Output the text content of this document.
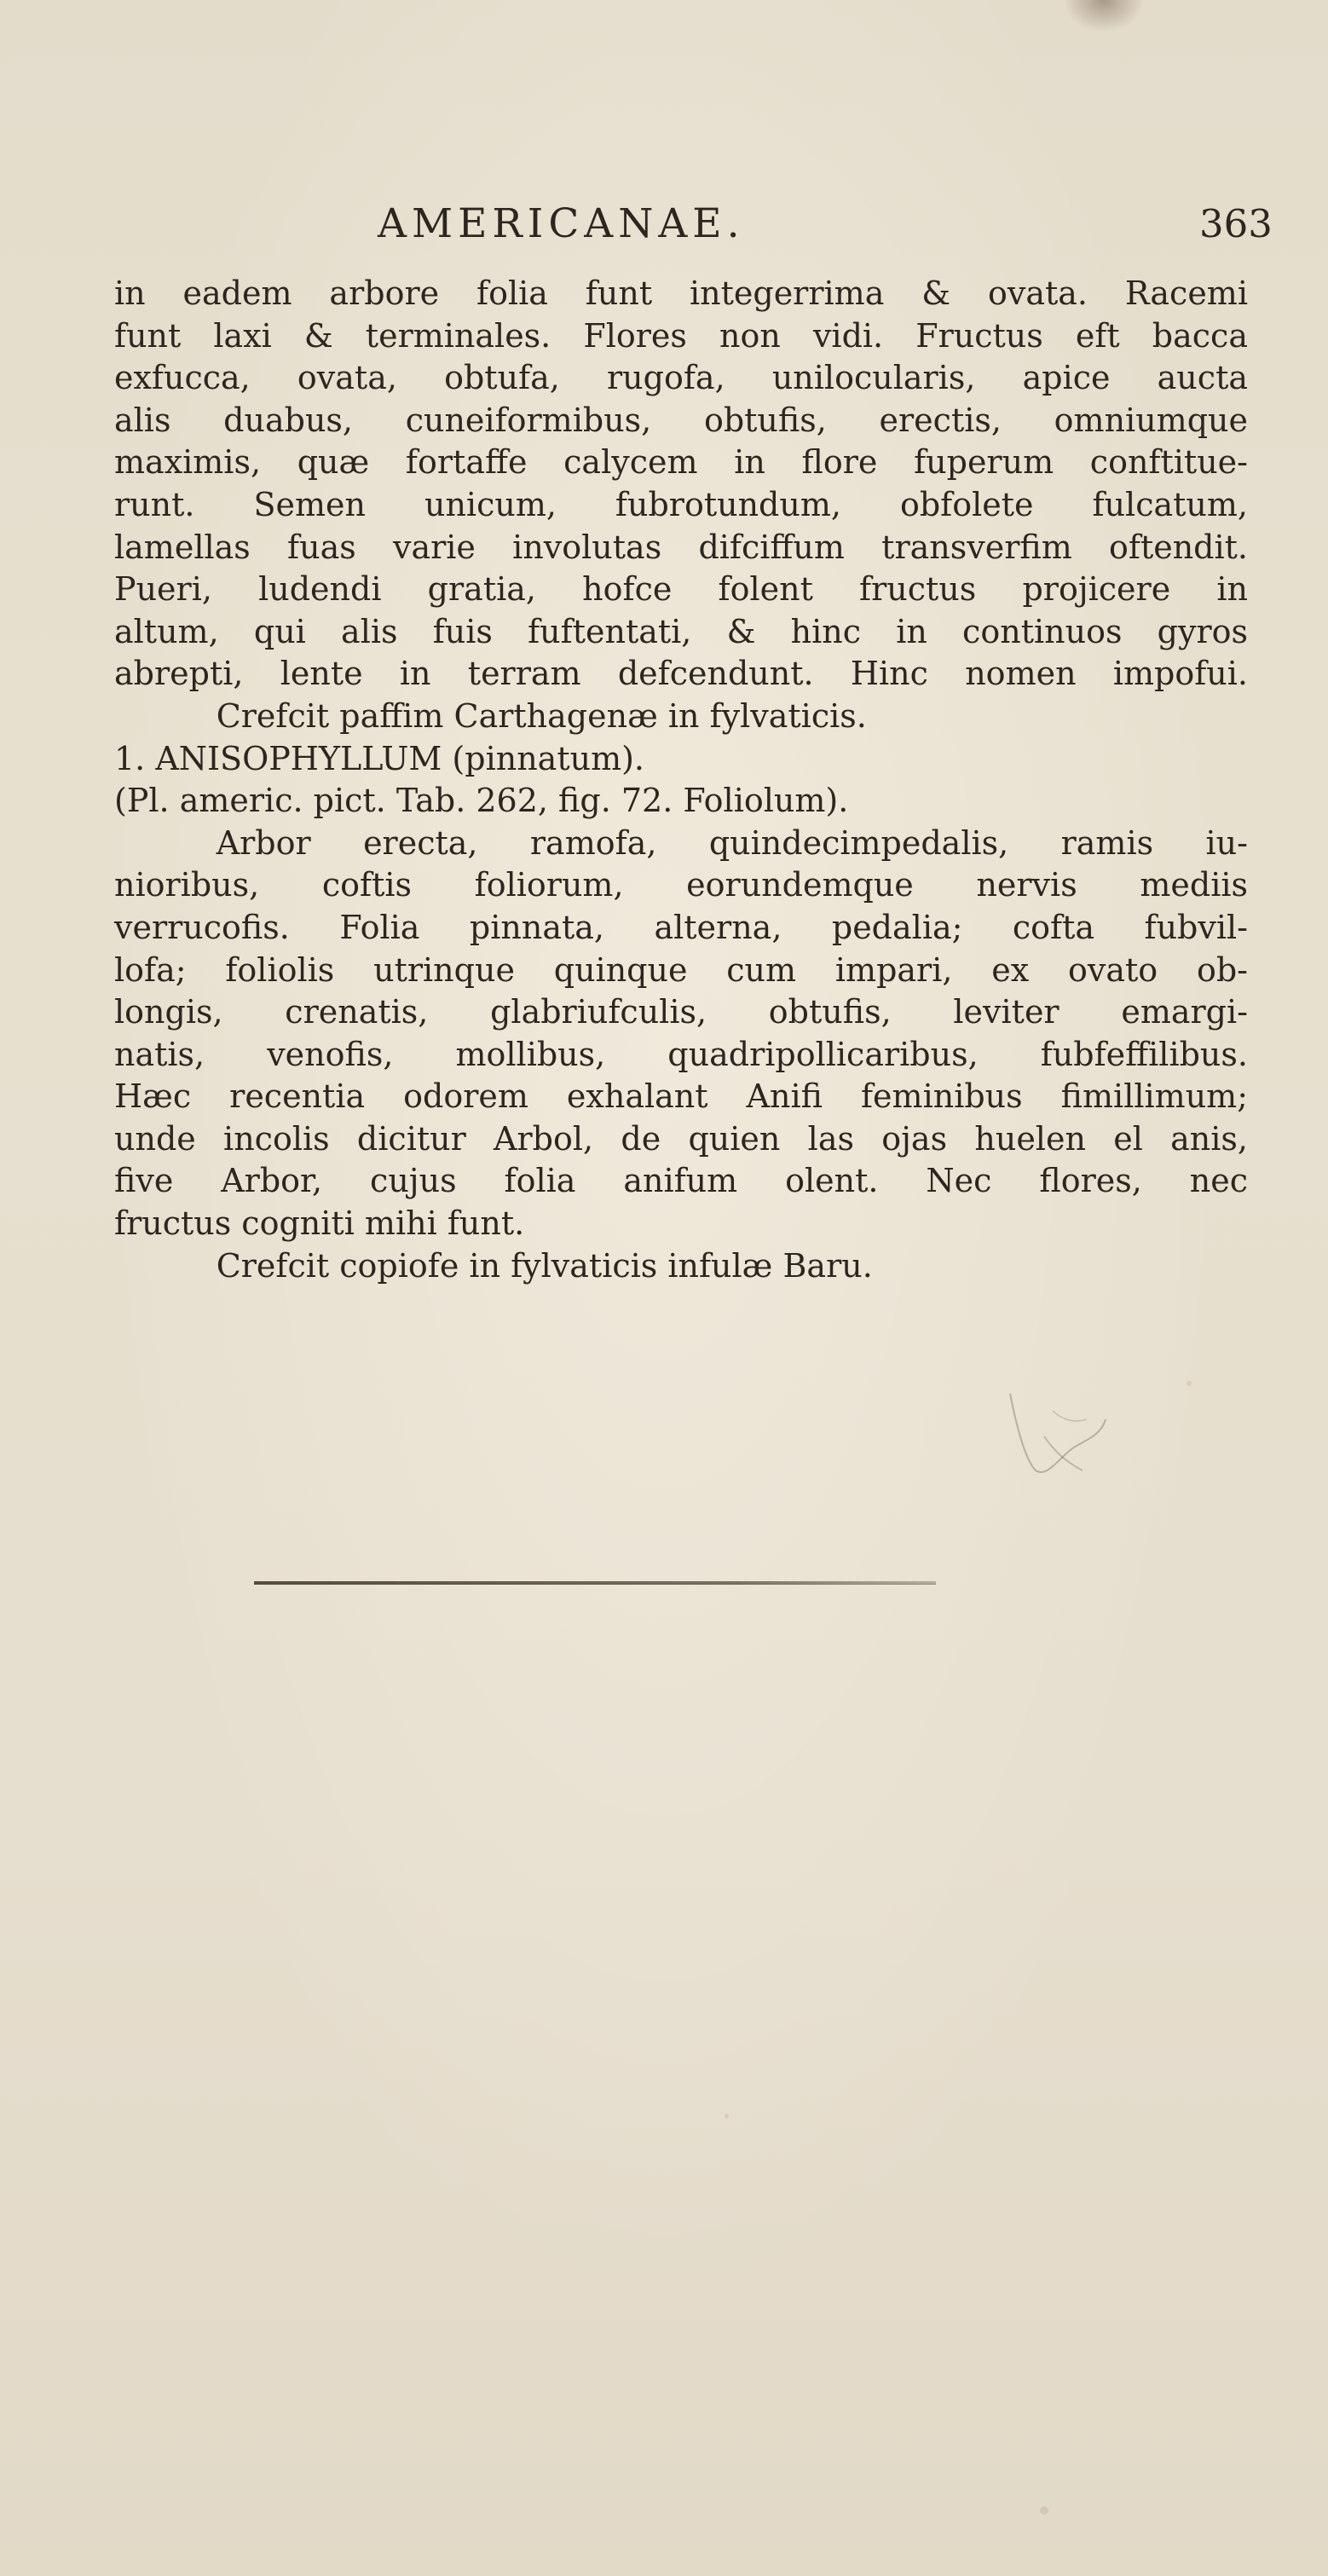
AMERICANAE.	363
in eadem arbore folia funt integerrima & ovata. Racemi
funt laxi & terminales. Flores non vidi. Fructus eft bacca
exfucca, ovata, obtufa, rugofa, unilocularis, apice aucta
alis duabus, cuneiformibus, obtufis, erectis, omniumque
maximis, quæ fortaffe calycem in flore fuperum conftitue-
runt. Semen unicum, fubrotundum, obfolete fulcatum,
lamellas fuas varie involutas difciffum transverfim oftendit.
Pueri, ludendi gratia, hofce folent fructus projicere in
altum, qui alis fuis fuftentati, & hinc in continuos gyros
abrepti, lente in terram defcendunt. Hinc nomen impofui.
Crefcit paffim Carthagenæ in fylvaticis.
1. ANISOPHYLLUM (pinnatum).
(Pl. americ. pict. Tab. 262, fig. 72. Foliolum).
Arbor erecta, ramofa, quindecimpedalis, ramis iu-
nioribus, coftis foliorum, eorundemque nervis mediis
verrucofis. Folia pinnata, alterna, pedalia; cofta fubvil-
lofa; foliolis utrinque quinque cum impari, ex ovato ob-
longis, crenatis, glabriufculis, obtufis, leviter emargi-
natis, venofis, mollibus, quadripollicaribus, fubfeffilibus.
Hæc recentia odorem exhalant Anifi feminibus fimillimum;
unde incolis dicitur Arbol, de quien las ojas huelen el anis,
five Arbor, cujus folia anifum olent. Nec flores, nec
fructus cogniti mihi funt.
Crefcit copiofe in fylvaticis infulæ Baru.
